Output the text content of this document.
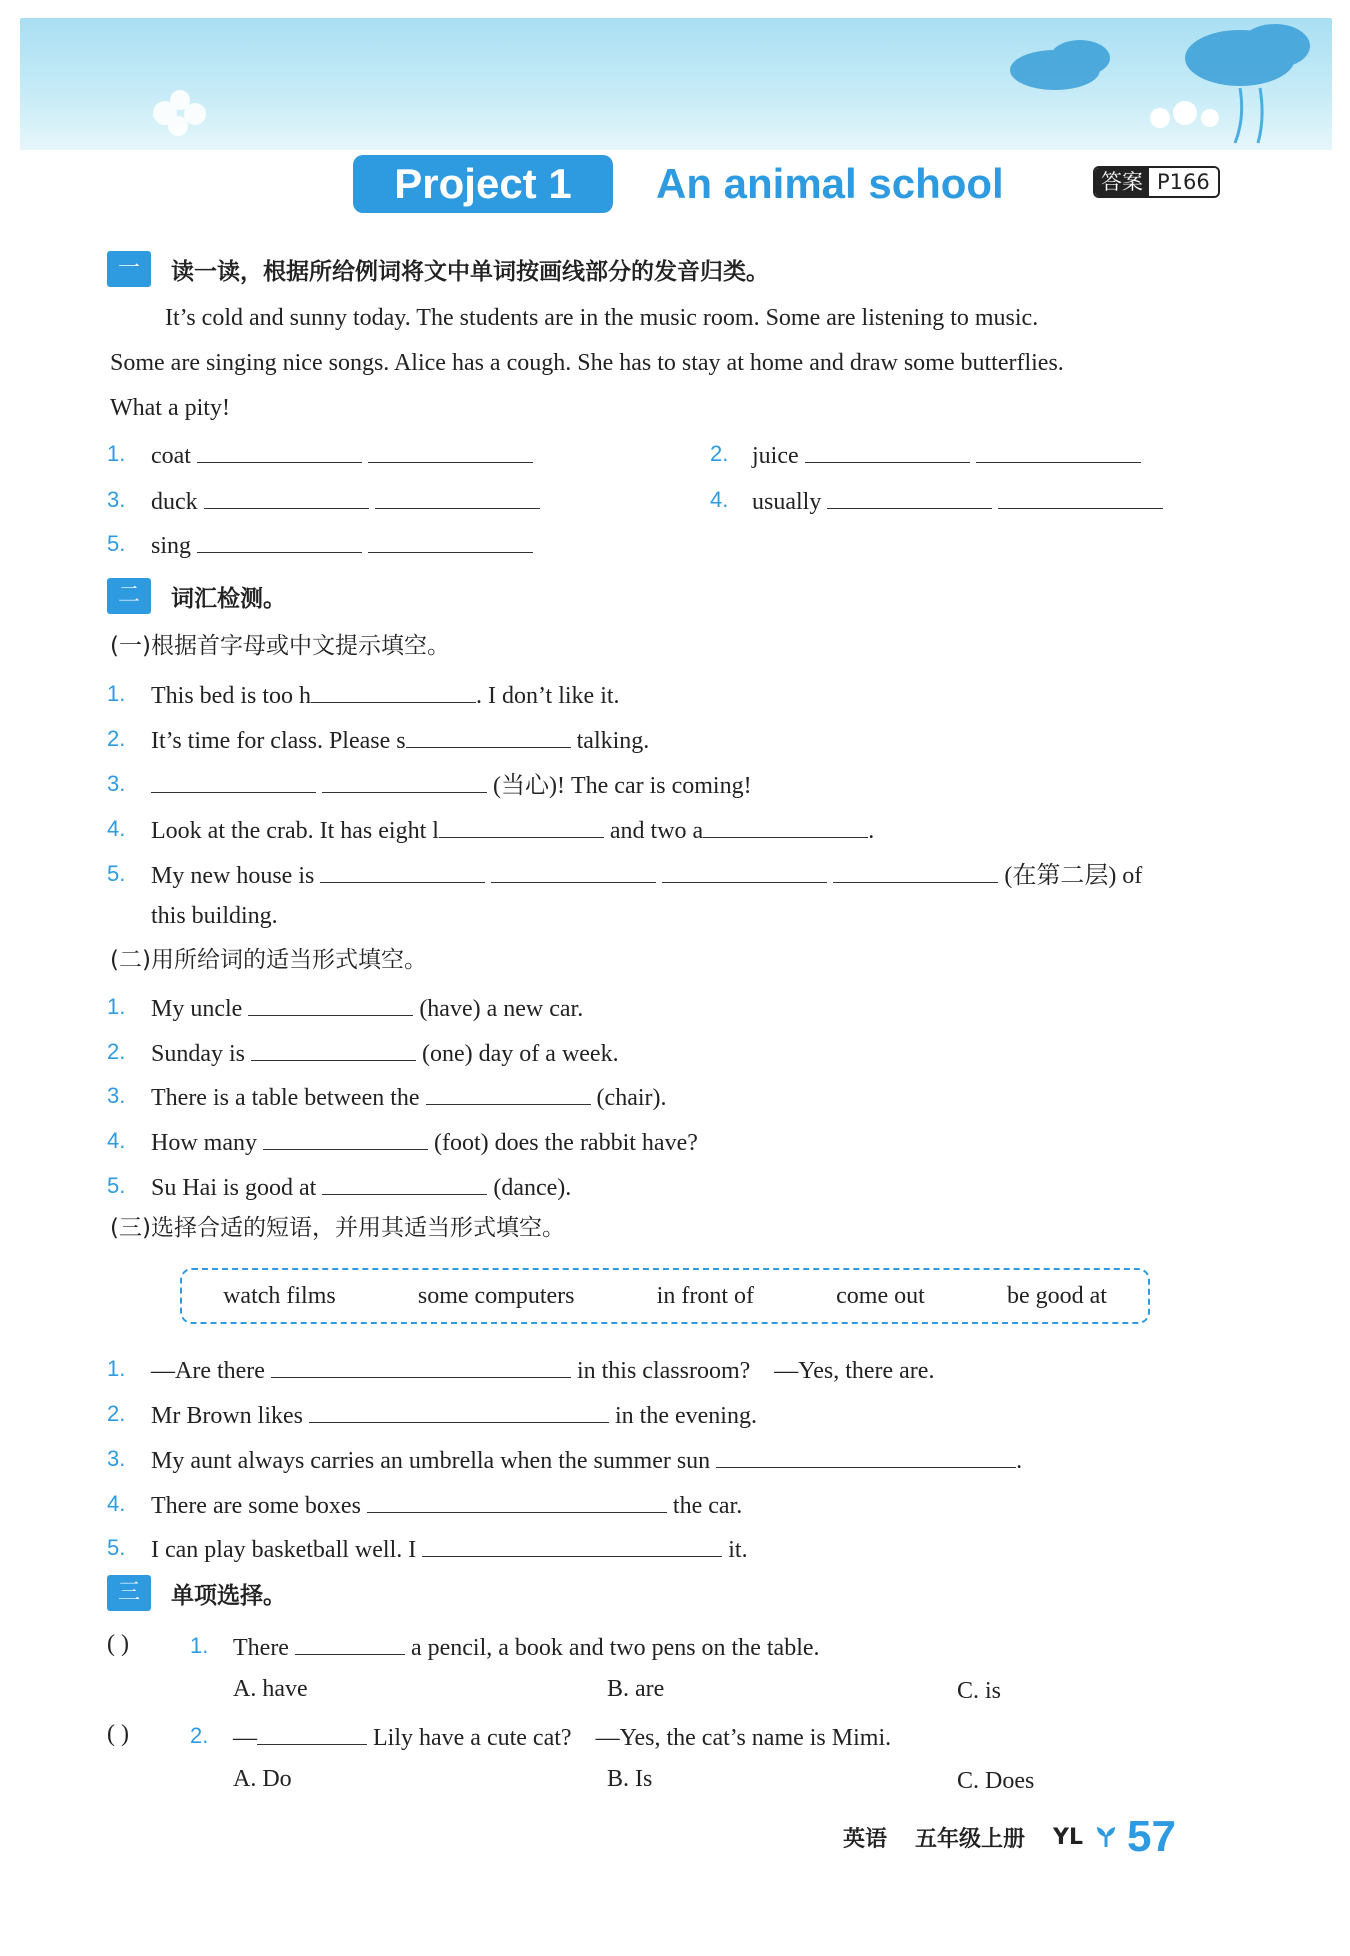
Project 1	An animal school	答案 P166
一	读一读，根据所给例词将文中单词按画线部分的发音归类。
It’s cold and sunny today. The students are in the music room. Some are listening to music.
Some are singing nice songs. Alice has a cough. She has to stay at home and draw some butterflies.
What a pity!
1. coat	2. juice
3. duck	4. usually
5. sing
二	词汇检测。
(一)根据首字母或中文提示填空。
1. This bed is too h	. I don’t like it.
2. It’s time for class. Please s	talking.
3.	(当心)! The car is coming!
4. Look at the crab. It has eight l	and two a	.
5. My new house is	(在第二层) of
this building.
(二)用所给词的适当形式填空。
1. My uncle	(have) a new car.
2. Sunday is	(one) day of a week.
3. There is a table between the	(chair).
4. How many	(foot) does the rabbit have?
5. Su Hai is good at	(dance).
(三)选择合适的短语，并用其适当形式填空。
watch films	some computers	in front of	come out	be good at
1. —Are there	in this classroom? —Yes, there are.
2. Mr Brown likes	in the evening.
3. My aunt always carries an umbrella when the summer sun	.
4. There are some boxes	the car.
5. I can play basketball well. I	it.
三	单项选择。
( )	1. There	a pencil, a book and two pens on the table.
A. have	B. are	C. is
( )	2. —	Lily have a cute cat? —Yes, the cat’s name is Mimi.
A. Do	B. Is	C. Does
英语 五年级上册 YL 57
